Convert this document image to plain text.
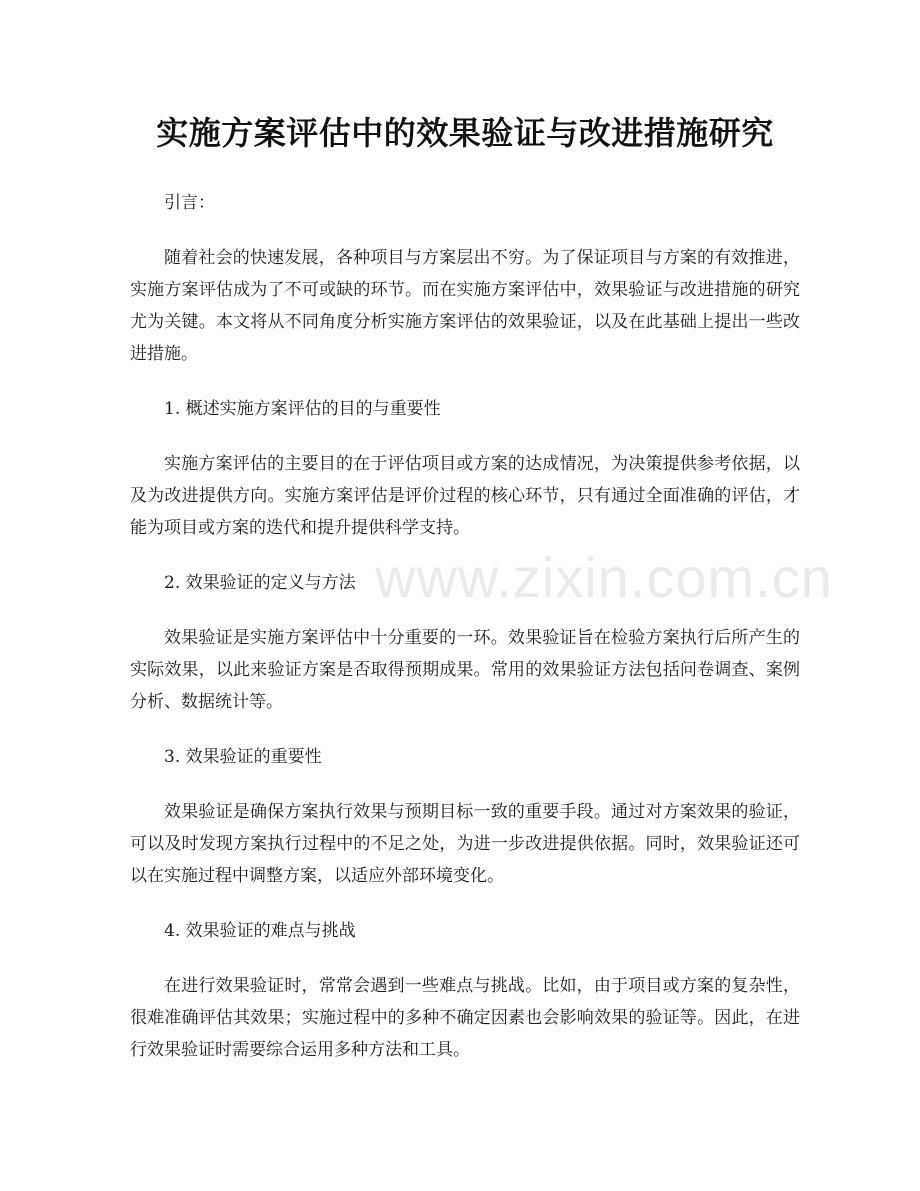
实施方案评估中的效果验证与改进措施研究

引言：

随着社会的快速发展，各种项目与方案层出不穷。为了保证项目与方案的有效推进，实施方案评估成为了不可或缺的环节。而在实施方案评估中，效果验证与改进措施的研究尤为关键。本文将从不同角度分析实施方案评估的效果验证，以及在此基础上提出一些改进措施。

1. 概述实施方案评估的目的与重要性

实施方案评估的主要目的在于评估项目或方案的达成情况，为决策提供参考依据，以及为改进提供方向。实施方案评估是评价过程的核心环节，只有通过全面准确的评估，才能为项目或方案的迭代和提升提供科学支持。

2. 效果验证的定义与方法

效果验证是实施方案评估中十分重要的一环。效果验证旨在检验方案执行后所产生的实际效果，以此来验证方案是否取得预期成果。常用的效果验证方法包括问卷调查、案例分析、数据统计等。

3. 效果验证的重要性

效果验证是确保方案执行效果与预期目标一致的重要手段。通过对方案效果的验证，可以及时发现方案执行过程中的不足之处，为进一步改进提供依据。同时，效果验证还可以在实施过程中调整方案，以适应外部环境变化。

4. 效果验证的难点与挑战

在进行效果验证时，常常会遇到一些难点与挑战。比如，由于项目或方案的复杂性，很难准确评估其效果；实施过程中的多种不确定因素也会影响效果的验证等。因此，在进行效果验证时需要综合运用多种方法和工具。

www.zixin.com.cn
